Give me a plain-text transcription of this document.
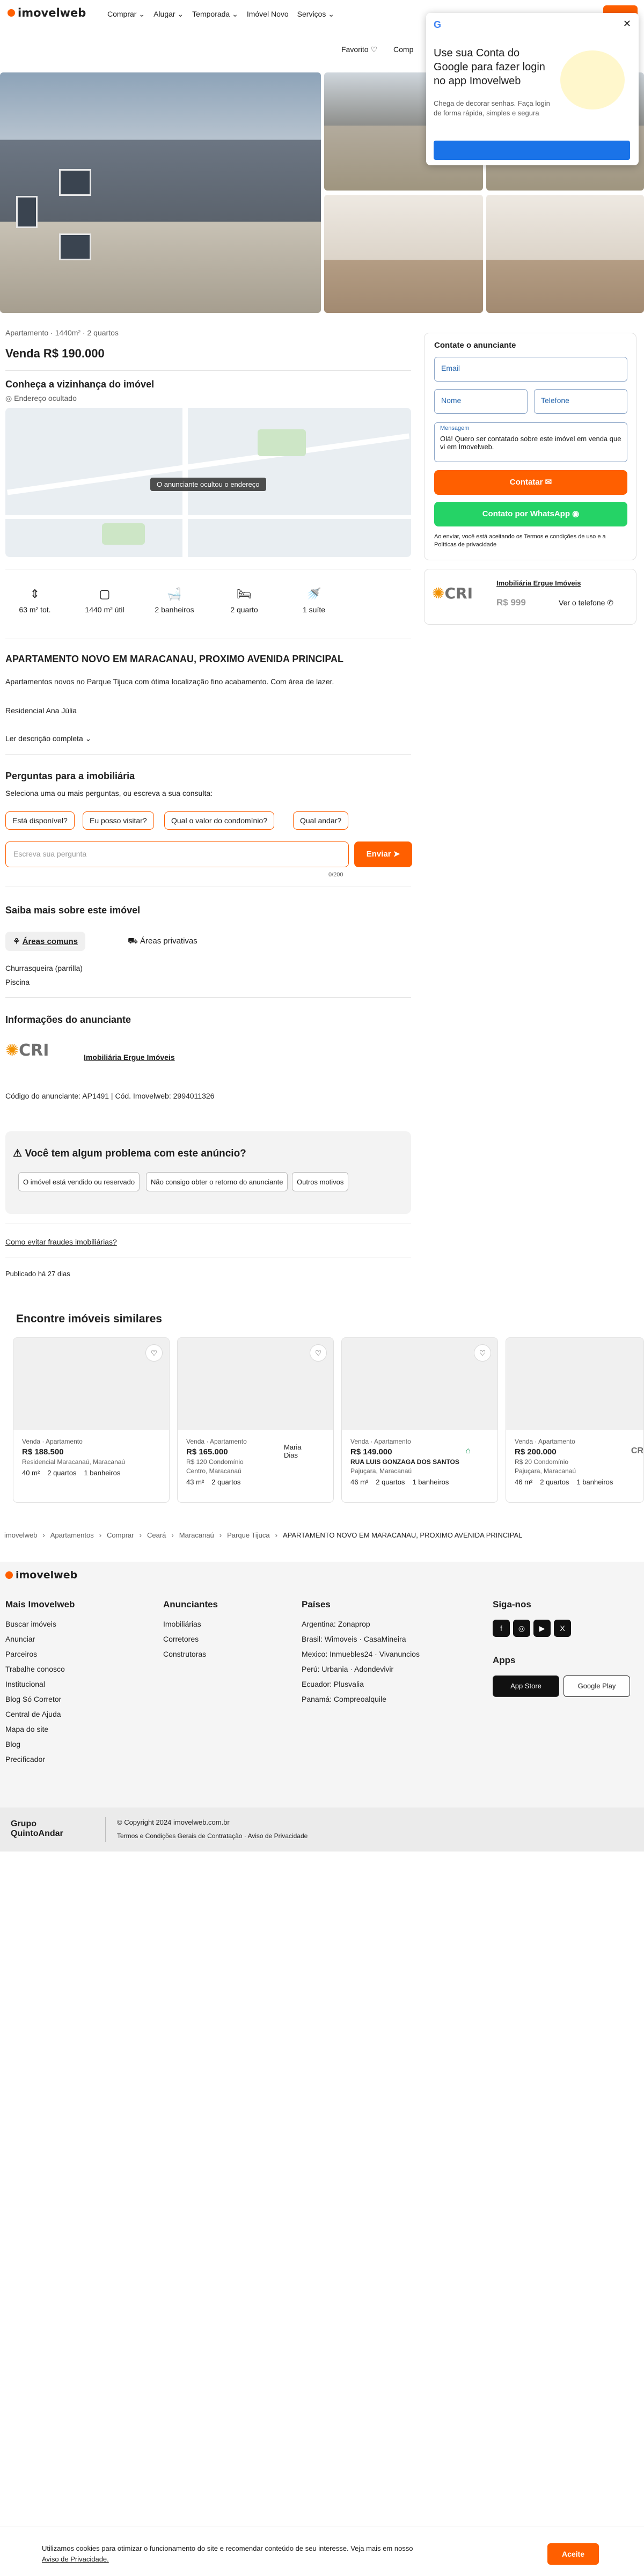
imovelweb	Comprar ⌄ Alugar ⌄ Temporada ⌄ Imóvel Novo Serviços ⌄
Favorito ♡ Comp
G	✕
Use sua Conta do Google para fazer login no app Imovelweb
Chega de decorar senhas. Faça login de forma rápida, simples e segura
Apartamento · 1440m² · 2 quartos
Venda R$ 190.000
Conheça a vizinhança do imóvel
◎ Endereço ocultado
O anunciante ocultou o endereço
⇕
63 m² tot.
▢
1440 m² útil
🛁
2 banheiros
🛏
2 quarto
🚿
1 suíte
APARTAMENTO NOVO EM MARACANAU, PROXIMO AVENIDA PRINCIPAL
Apartamentos novos no Parque Tijuca com ótima localização fino acabamento. Com área de lazer.
Residencial Ana Júlia
Ler descrição completa ⌄
Perguntas para a imobiliária
Seleciona uma ou mais perguntas, ou escreva a sua consulta:
Está disponível?	Eu posso visitar?	Qual o valor do condomínio?	Qual andar?
Escreva sua pergunta	Enviar ➤
0/200
Saiba mais sobre este imóvel
⚘ Áreas comuns	⛟ Áreas privativas
Churrasqueira (parrilla)
Piscina
Informações do anunciante
✺CRI	Imobiliária Ergue Imóveis
Código do anunciante: AP1491 | Cód. Imovelweb: 2994011326
⚠ Você tem algum problema com este anúncio?
O imóvel está vendido ou reservado	Não consigo obter o retorno do anunciante	Outros motivos
Como evitar fraudes imobiliárias?
Publicado há 27 dias
Encontre imóveis similares
♡
Venda · Apartamento
R$ 188.500
Residencial Maracanaú, Maracanaú
40 m² 2 quartos 1 banheiros
♡
Maria Dias
Venda · Apartamento
R$ 165.000
R$ 120 Condomínio
Centro, Maracanaú
43 m² 2 quartos
♡
⌂
Venda · Apartamento
R$ 149.000
RUA LUIS GONZAGA DOS SANTOS
Pajuçara, Maracanaú
46 m² 2 quartos 1 banheiros
CR
Venda · Apartamento
R$ 200.000
R$ 20 Condomínio
Pajuçara, Maracanaú
46 m² 2 quartos 1 banheiros
imovelweb › Apartamentos › Comprar › Ceará › Maracanaú › Parque Tijuca › APARTAMENTO NOVO EM MARACANAU, PROXIMO AVENIDA PRINCIPAL
imovelweb
Mais Imovelweb
Buscar imóveis
Anunciar
Parceiros
Trabalhe conosco
Institucional
Blog Só Corretor
Central de Ajuda
Mapa do site
Blog
Precificador
Anunciantes
Imobiliárias
Corretores
Construtoras
Países
Argentina: Zonaprop
Brasil: Wimoveis · CasaMineira
Mexico: Inmuebles24 · Vivanuncios
Perú: Urbania · Adondevivir
Ecuador: Plusvalia
Panamá: Compreoalquile
Siga-nos
f ◎ ▶ X
Apps
App Store	Google Play
Grupo QuintoAndar
© Copyright 2024 imovelweb.com.br
Termos e Condições Gerais de Contratação · Aviso de Privacidade
Contate o anunciante
Email
Nome	Telefone
Mensagem
Olá! Quero ser contatado sobre este imóvel em venda que vi em Imovelweb.
Contatar ✉
Contato por WhatsApp ◉
Ao enviar, você está aceitando os Termos e condições de uso e a Políticas de privacidade
✺CRI
Imobiliária Ergue Imóveis
R$ 999	Ver o telefone ✆
Utilizamos cookies para otimizar o funcionamento do site e recomendar conteúdo de seu interesse. Veja mais em nosso
Aviso de Privacidade.
Aceite
